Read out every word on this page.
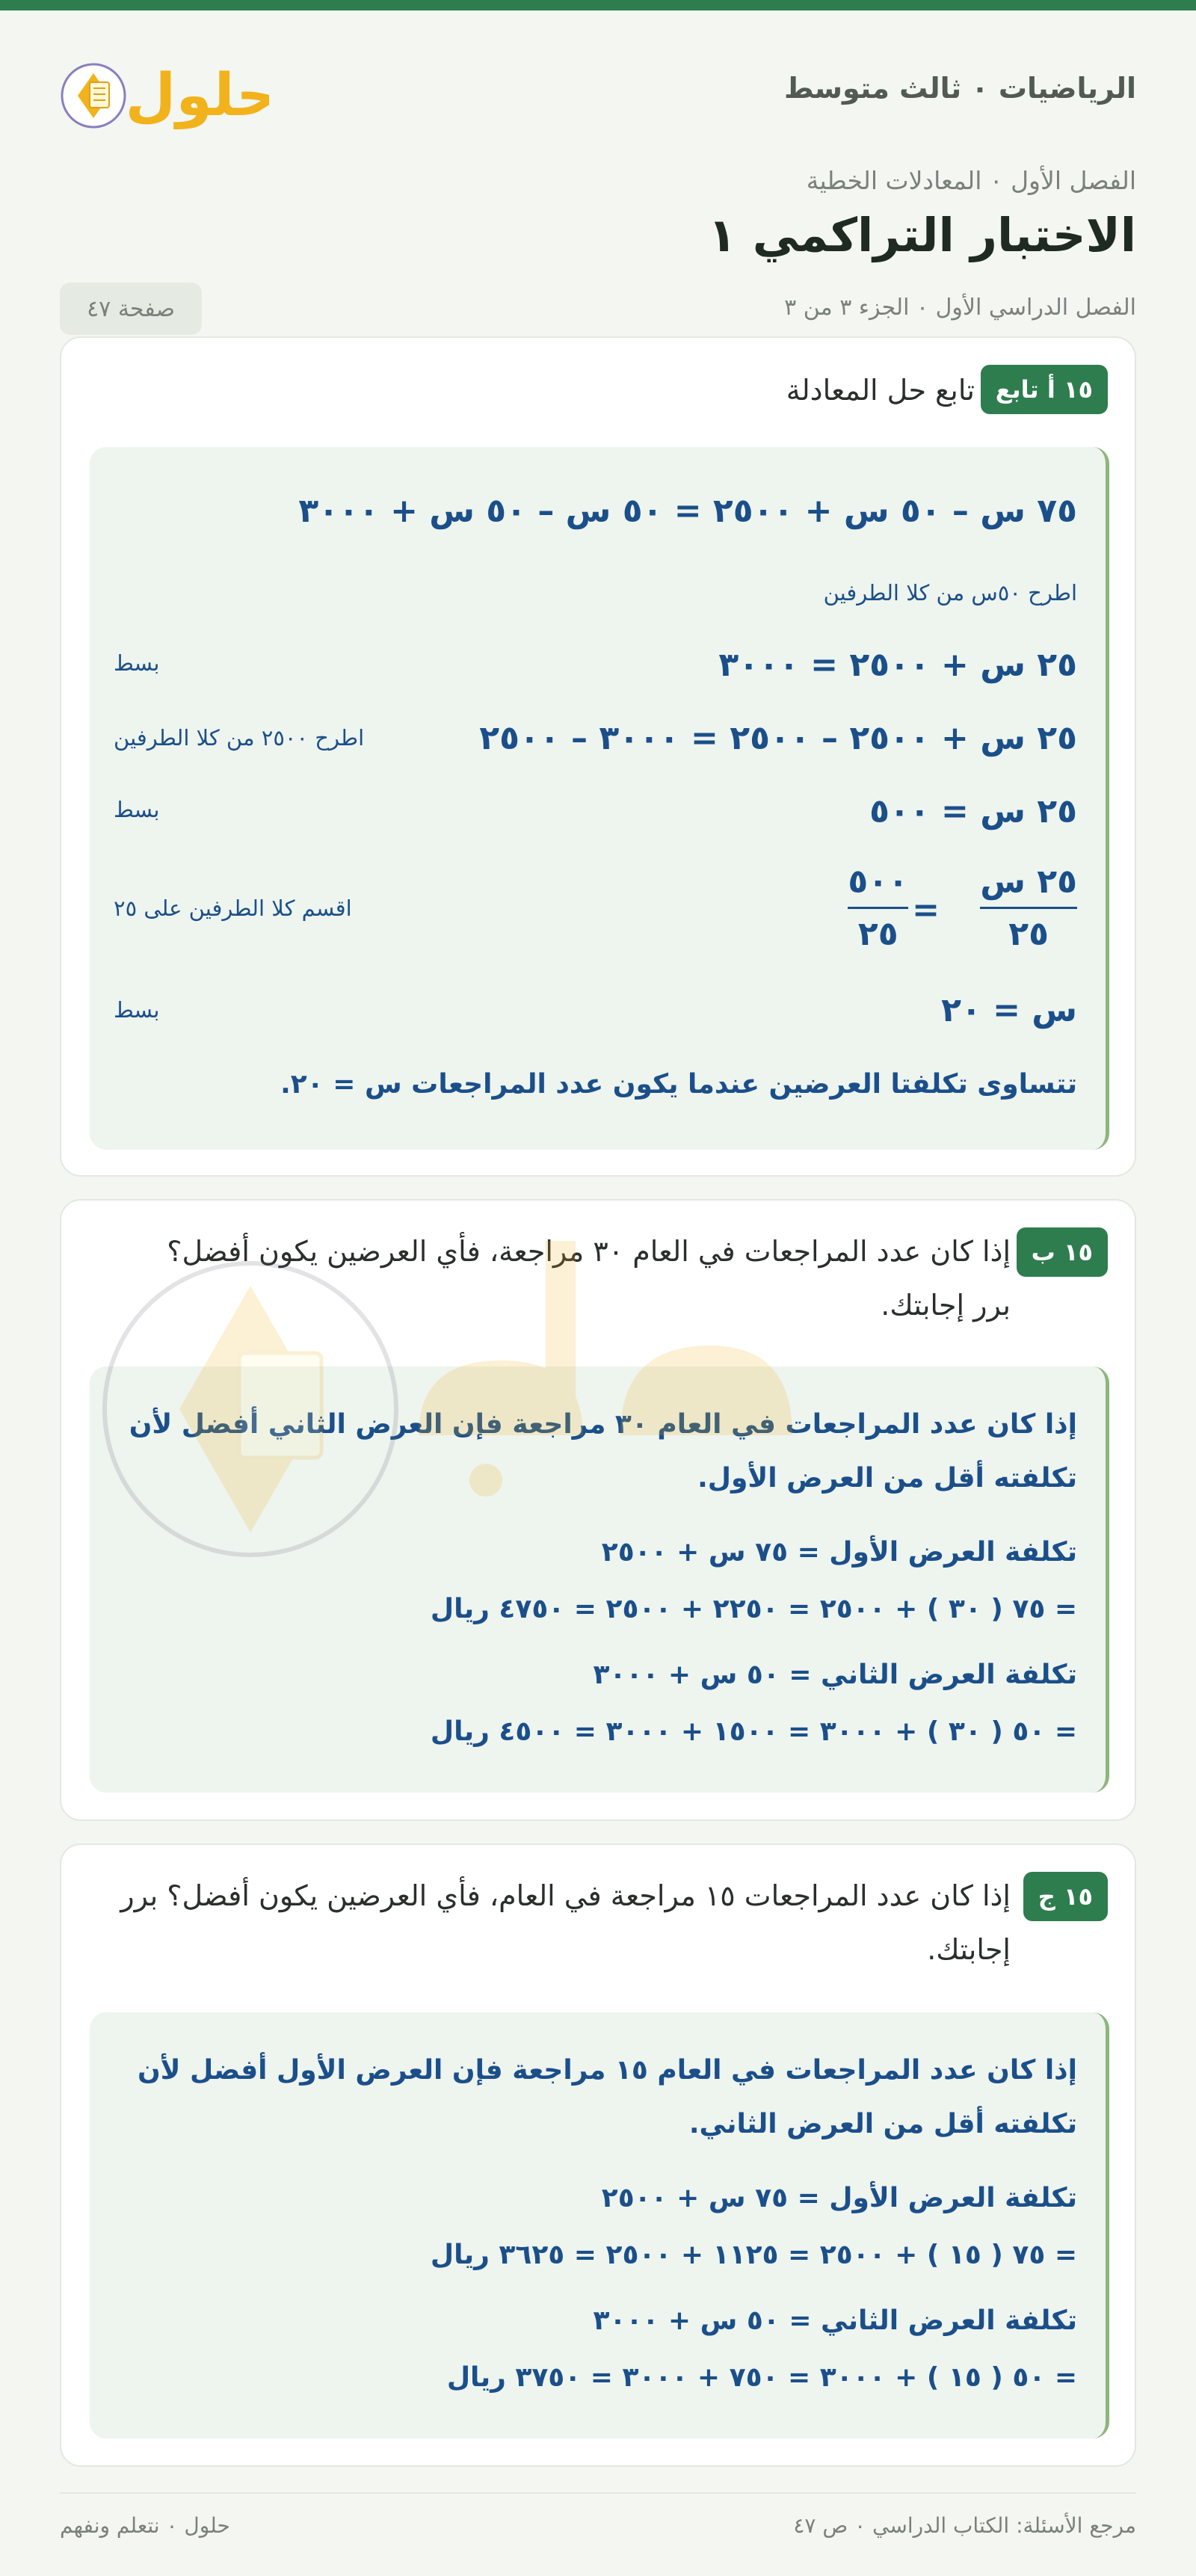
حلول	الرياضيات ٠ ثالث متوسط
الفصل الأول ٠ المعادلات الخطية
الاختبار التراكمي ١
الفصل الدراسي الأول ٠ الجزء ٣ من ٣
صفحة ٤٧
١٥ أ تابع
تابع حل المعادلة
٧٥ س – ٥٠ س + ٢٥٠٠ = ٥٠ س – ٥٠ س + ٣٠٠٠
اطرح ٥٠س من كلا الطرفين
٢٥ س + ٢٥٠٠ = ٣٠٠٠
بسط
٢٥ س + ٢٥٠٠ – ٢٥٠٠ = ٣٠٠٠ – ٢٥٠٠
اطرح ٢٥٠٠ من كلا الطرفين
٢٥ س = ٥٠٠
بسط
٢٥ س
٢٥
=
٥٠٠
٢٥
اقسم كلا الطرفين على ٢٥
س = ٢٠
بسط
تتساوى تكلفتا العرضين عندما يكون عدد المراجعات س = ٢٠.
١٥ ب
إذا كان عدد المراجعات في العام ٣٠ مراجعة، فأي العرضين يكون أفضل؟ برر إجابتك.
إذا كان عدد المراجعات في العام ٣٠ مراجعة فإن العرض الثاني أفضل لأن تكلفته أقل من العرض الأول.
تكلفة العرض الأول = ٧٥ س + ٢٥٠٠
= ٧٥ ( ٣٠ ) + ٢٥٠٠ = ٢٢٥٠ + ٢٥٠٠ = ٤٧٥٠ ريال
تكلفة العرض الثاني = ٥٠ س + ٣٠٠٠
= ٥٠ ( ٣٠ ) + ٣٠٠٠ = ١٥٠٠ + ٣٠٠٠ = ٤٥٠٠ ريال
١٥ ج
إذا كان عدد المراجعات ١٥ مراجعة في العام، فأي العرضين يكون أفضل؟ برر إجابتك.
إذا كان عدد المراجعات في العام ١٥ مراجعة فإن العرض الأول أفضل لأن تكلفته أقل من العرض الثاني.
تكلفة العرض الأول = ٧٥ س + ٢٥٠٠
= ٧٥ ( ١٥ ) + ٢٥٠٠ = ١١٢٥ + ٢٥٠٠ = ٣٦٢٥ ريال
تكلفة العرض الثاني = ٥٠ س + ٣٠٠٠
= ٥٠ ( ١٥ ) + ٣٠٠٠ = ٧٥٠ + ٣٠٠٠ = ٣٧٥٠ ريال
مرجع الأسئلة: الكتاب الدراسي ٠ ص ٤٧
حلول ٠ نتعلم ونفهم
